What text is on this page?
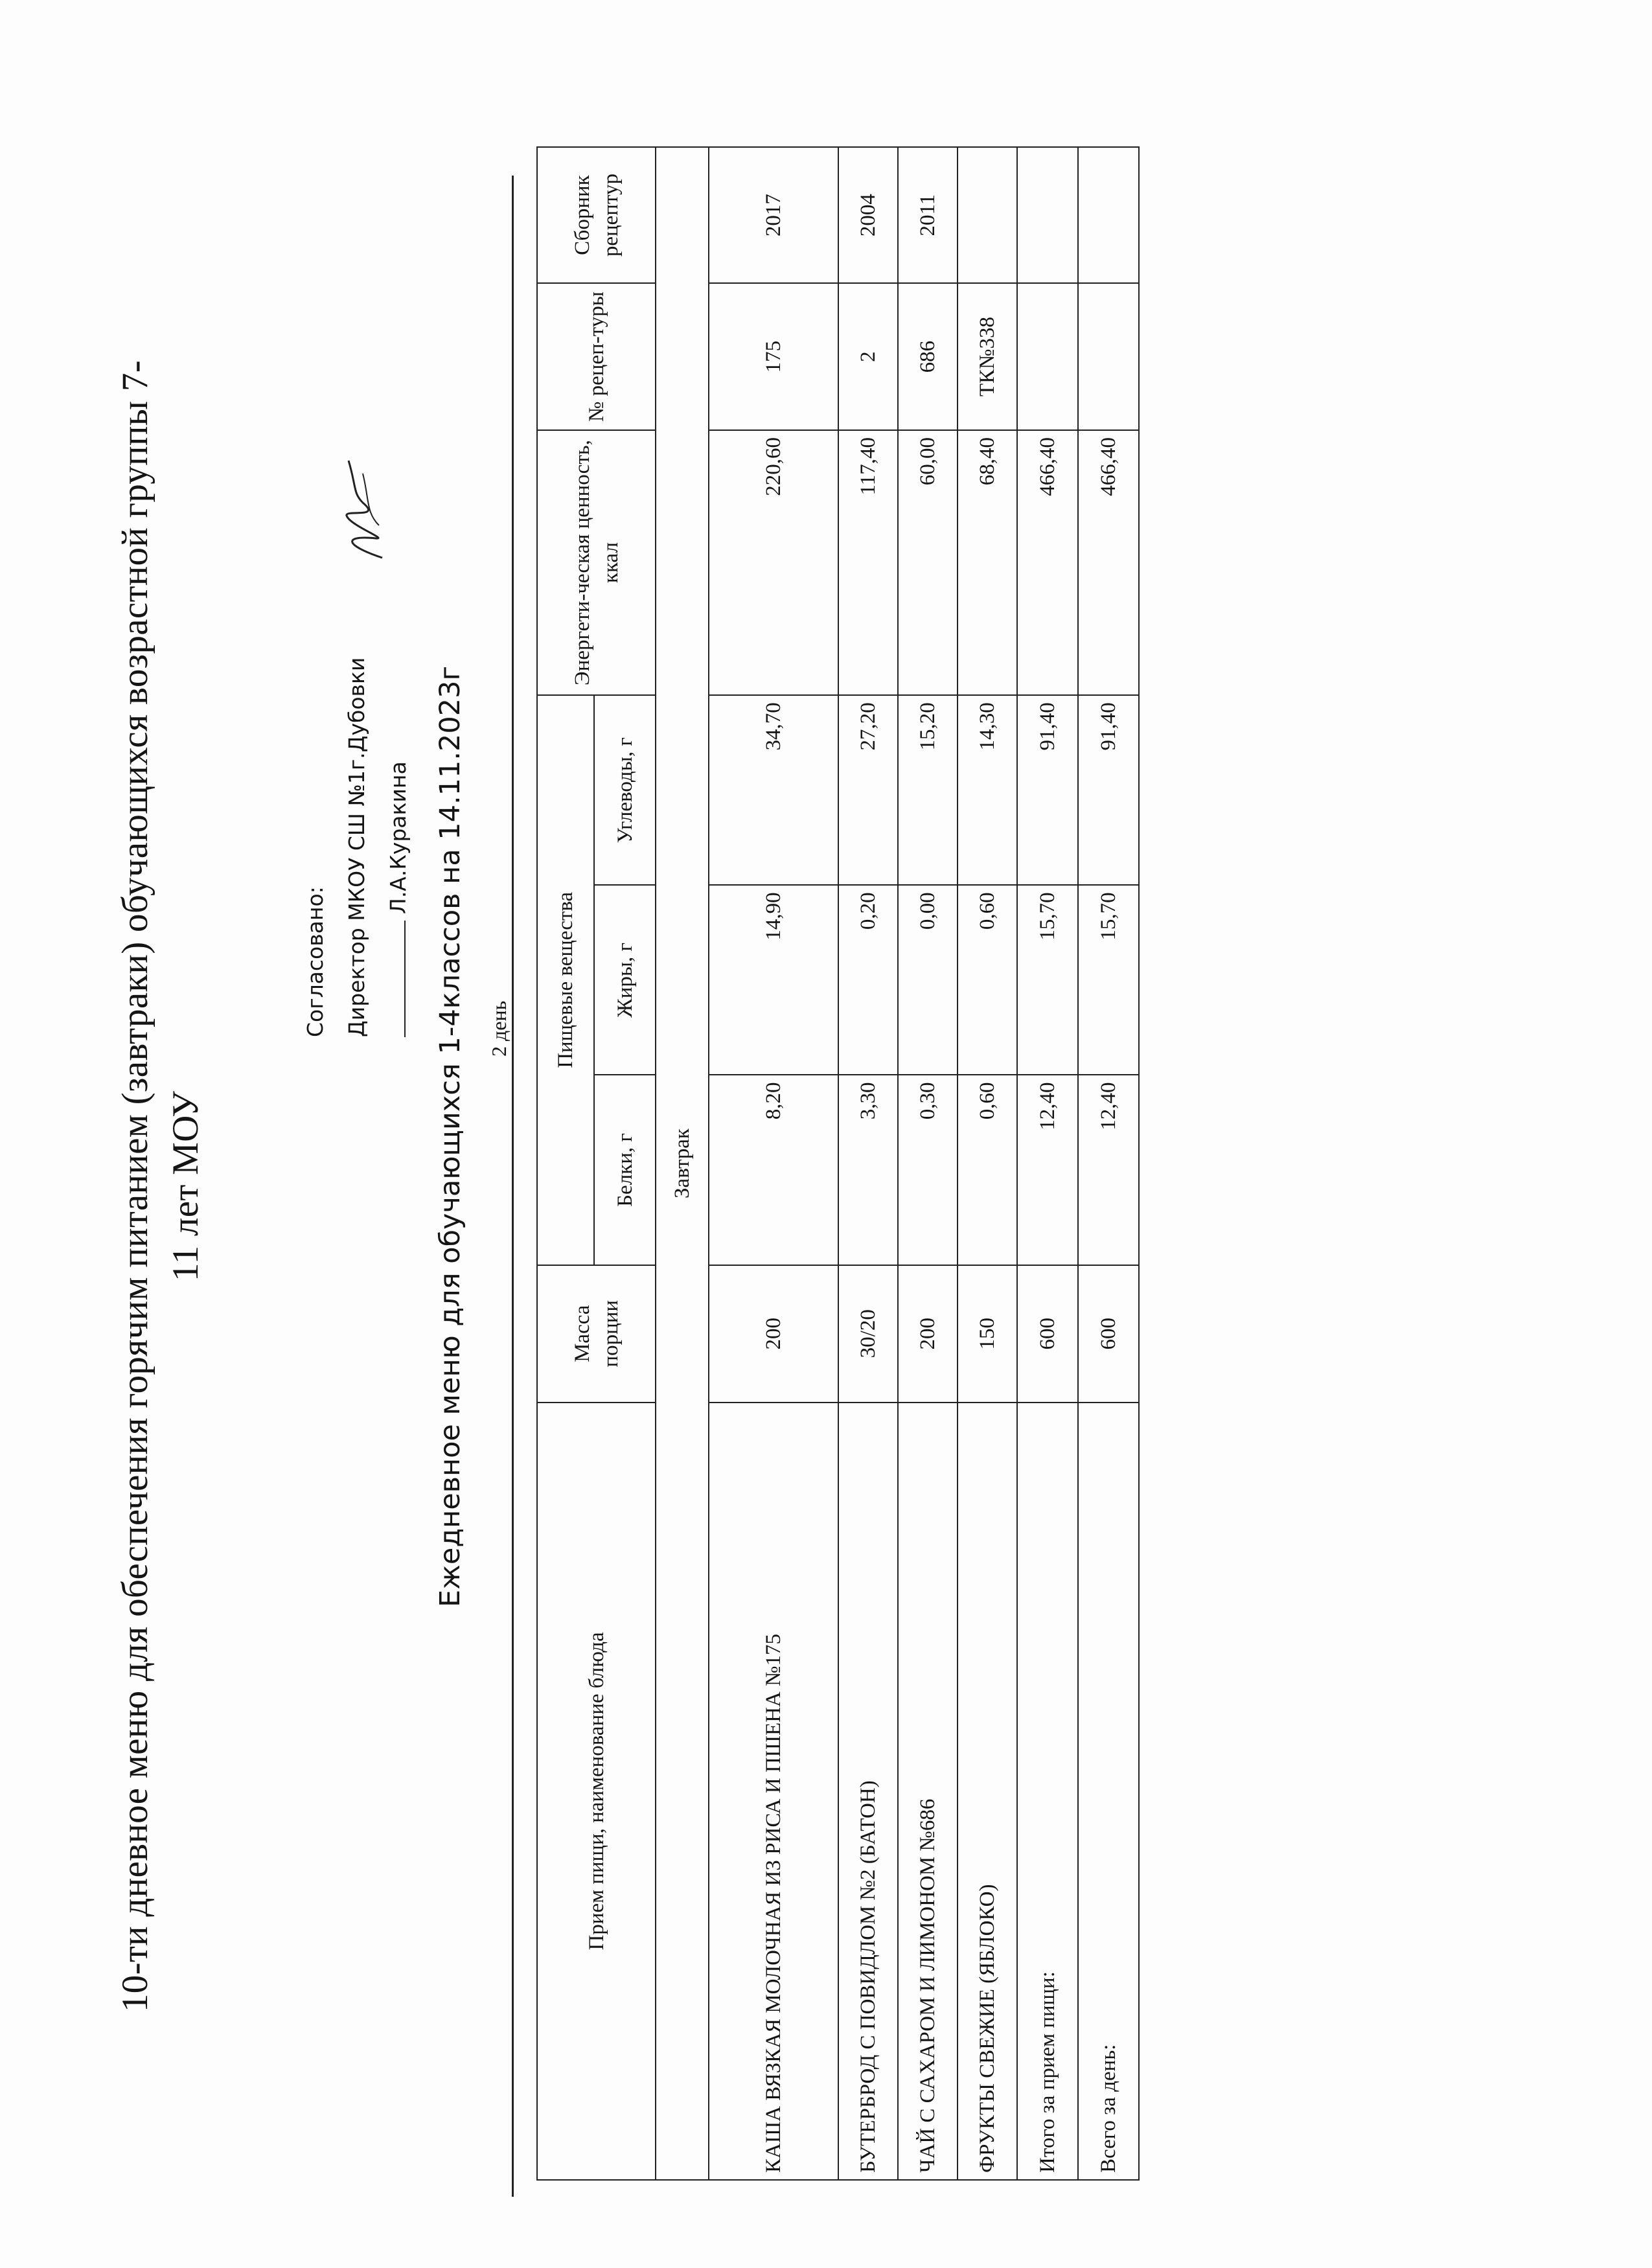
10-ти дневное меню для обеспечения горячим питанием (завтраки) обучающихся возрастной группы 7- 11 лет МОУ
Согласовано: Директор МКОУ СШ №1г.Дубовки Л.А.Куракина Ежедневное меню для обучающихся 1-4классов на 14.11.2023г 2 день
Прием пищи, наименование блюда	Масса порции	Пищевые вещества			Энергети-ческая ценность, ккал	№ рецеп-туры	Сборник рецептур
		Белки, г	Жиры, г	Углеводы, г			
Завтрак							
КАША ВЯЗКАЯ МОЛОЧНАЯ ИЗ РИСА И ПШЕНА №175	200	8,20	14,90	34,70	220,60	175	2017
БУТЕРБРОД С ПОВИДЛОМ №2 (БАТОН)	30/20	3,30	0,20	27,20	117,40	2	2004
ЧАЙ С САХАРОМ И ЛИМОНОМ №686	200	0,30	0,00	15,20	60,00	686	2011
ФРУКТЫ СВЕЖИЕ (ЯБЛОКО)	150	0,60	0,60	14,30	68,40	ТК№338	
Итого за прием пищи:	600	12,40	15,70	91,40	466,40		
Всего за день:	600	12,40	15,70	91,40	466,40		
